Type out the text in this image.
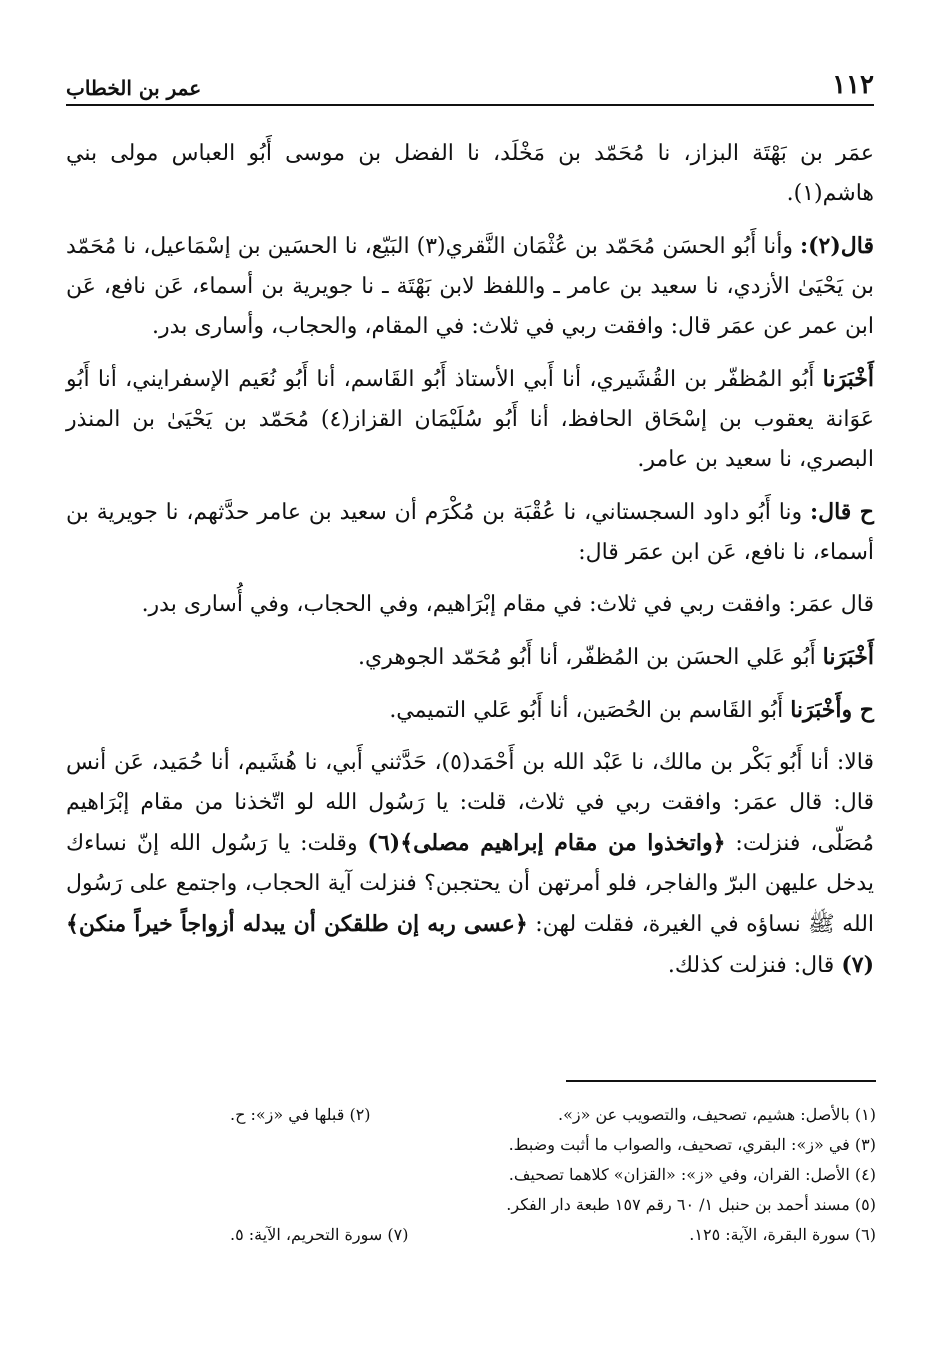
١١٢
عمر بن الخطاب

عمَر بن بَهْتَة البزاز، نا مُحَمّد بن مَخْلَد، نا الفضل بن موسى أَبُو العباس مولى بني هاشم(١).

قال(٢): وأنا أَبُو الحسَن مُحَمّد بن عُثْمَان النَّقري(٣) البَيّع، نا الحسَين بن إسْمَاعيل، نا مُحَمّد بن يَحْيَىٰ الأزدي، نا سعيد بن عامر ـ واللفظ لابن بَهْتَة ـ نا جويرية بن أسماء، عَن نافع، عَن ابن عمر عن عمَر قال: وافقت ربي في ثلاث: في المقام، والحجاب، وأسارى بدر.

أَخْبَرَنا أَبُو المُظفّر بن القُشَيري، أنا أَبي الأستاذ أَبُو القَاسم، أنا أَبُو نُعَيم الإسفرايني، أنا أَبُو عَوَانة يعقوب بن إسْحَاق الحافظ، أنا أَبُو سُلَيْمَان القزاز(٤) مُحَمّد بن يَحْيَىٰ بن المنذر البصري، نا سعيد بن عامر.

ح قال: ونا أَبُو داود السجستاني، نا عُقْبَة بن مُكْرَم أن سعيد بن عامر حدَّثهم، نا جويرية بن أسماء، نا نافع، عَن ابن عمَر قال:

قال عمَر: وافقت ربي في ثلاث: في مقام إبْرَاهيم، وفي الحجاب، وفي أُسارى بدر.

أَخْبَرَنا أَبُو عَلي الحسَن بن المُظفّر، أنا أَبُو مُحَمّد الجوهري.

ح وأَخْبَرَنا أَبُو القَاسم بن الحُصَين، أنا أَبُو عَلي التميمي.

قالا: أنا أَبُو بَكْر بن مالك، نا عَبْد الله بن أَحْمَد(٥)، حَدَّثني أَبي، نا هُشَيم، أنا حُمَيد، عَن أنس قال: قال عمَر: وافقت ربي في ثلاث، قلت: يا رَسُول الله لو اتّخذنا من مقام إبْرَاهيم مُصَلّى، فنزلت: ﴿واتخذوا من مقام إبراهيم مصلى﴾(٦) وقلت: يا رَسُول الله إنّ نساءك يدخل عليهن البرّ والفاجر، فلو أمرتهن أن يحتجبن؟ فنزلت آية الحجاب، واجتمع على رَسُول الله ﷺ نساؤه في الغيرة، فقلت لهن: ﴿عسى ربه إن طلقكن أن يبدله أزواجاً خيراً منكن﴾(٧) قال: فنزلت كذلك.

(١) بالأصل: هشيم، تصحيف، والتصويب عن «ز».
(٢) قبلها في «ز»: ح.
(٣) في «ز»: البقري، تصحيف، والصواب ما أثبت وضبط.
(٤) الأصل: القران، وفي «ز»: «القزان» كلاهما تصحيف.
(٥) مسند أحمد بن حنبل ١/ ٦٠ رقم ١٥٧ طبعة دار الفكر.
(٦) سورة البقرة، الآية: ١٢٥.
(٧) سورة التحريم، الآية: ٥.
